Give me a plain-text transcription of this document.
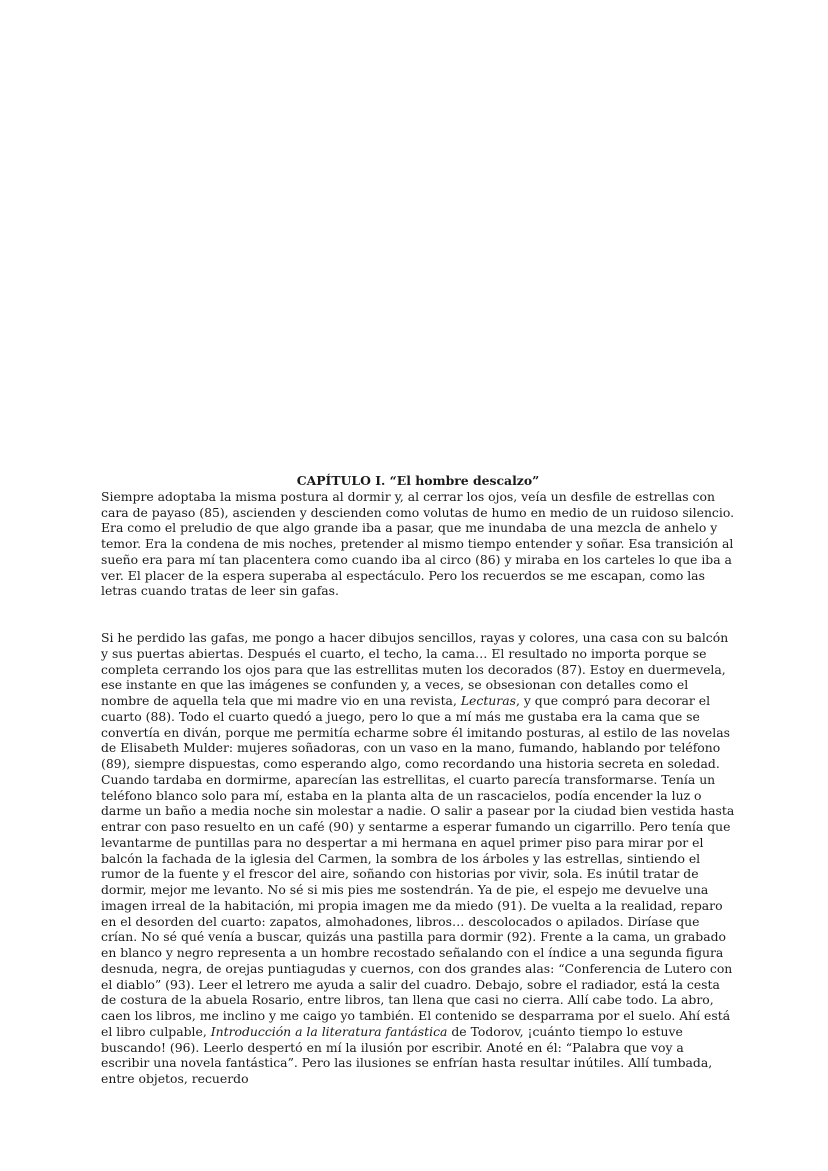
CAPÍTULO I. “El hombre descalzo”

Siempre adoptaba la misma postura al dormir y, al cerrar los ojos, veía un desfile de estrellas con cara de payaso (85), ascienden y descienden como volutas de humo en medio de un ruidoso silencio. Era como el preludio de que algo grande iba a pasar, que me inundaba de una mezcla de anhelo y temor. Era la condena de mis noches, pretender al mismo tiempo entender y soñar. Esa transición al sueño era para mí tan placentera como cuando iba al circo (86) y miraba en los carteles lo que iba a ver. El placer de la espera superaba al espectáculo. Pero los recuerdos se me escapan, como las letras cuando tratas de leer sin gafas.

Si he perdido las gafas, me pongo a hacer dibujos sencillos, rayas y colores, una casa con su balcón y sus puertas abiertas. Después el cuarto, el techo, la cama… El resultado no importa porque se completa cerrando los ojos para que las estrellitas muten los decorados (87). Estoy en duermevela, ese instante en que las imágenes se confunden y, a veces, se obsesionan con detalles como el nombre de aquella tela que mi madre vio en una revista, Lecturas, y que compró para decorar el cuarto (88). Todo el cuarto quedó a juego, pero lo que a mí más me gustaba era la cama que se convertía en diván, porque me permitía echarme sobre él imitando posturas, al estilo de las novelas de Elisabeth Mulder: mujeres soñadoras, con un vaso en la mano, fumando, hablando por teléfono (89), siempre dispuestas, como esperando algo, como recordando una historia secreta en soledad.

Cuando tardaba en dormirme, aparecían las estrellitas, el cuarto parecía transformarse. Tenía un teléfono blanco solo para mí, estaba en la planta alta de un rascacielos, podía encender la luz o darme un baño a media noche sin molestar a nadie. O salir a pasear por la ciudad bien vestida hasta entrar con paso resuelto en un café (90) y sentarme a esperar fumando un cigarrillo. Pero tenía que levantarme de puntillas para no despertar a mi hermana en aquel primer piso para mirar por el balcón la fachada de la iglesia del Carmen, la sombra de los árboles y las estrellas, sintiendo el rumor de la fuente y el frescor del aire, soñando con historias por vivir, sola. Es inútil tratar de dormir, mejor me levanto. No sé si mis pies me sostendrán. Ya de pie, el espejo me devuelve una imagen irreal de la habitación, mi propia imagen me da miedo (91). De vuelta a la realidad, reparo en el desorden del cuarto: zapatos, almohadones, libros… descolocados o apilados. Diríase que crían. No sé qué venía a buscar, quizás una pastilla para dormir (92). Frente a la cama, un grabado en blanco y negro representa a un hombre recostado señalando con el índice a una segunda figura desnuda, negra, de orejas puntiagudas y cuernos, con dos grandes alas: “Conferencia de Lutero con el diablo” (93). Leer el letrero me ayuda a salir del cuadro. Debajo, sobre el radiador, está la cesta de costura de la abuela Rosario, entre libros, tan llena que casi no cierra. Allí cabe todo. La abro, caen los libros, me inclino y me caigo yo también. El contenido se desparrama por el suelo. Ahí está el libro culpable, Introducción a la literatura fantástica de Todorov, ¡cuánto tiempo lo estuve buscando! (96). Leerlo despertó en mí la ilusión por escribir. Anoté en él: “Palabra que voy a escribir una novela fantástica”. Pero las ilusiones se enfrían hasta resultar inútiles. Allí tumbada, entre objetos, recuerdo
